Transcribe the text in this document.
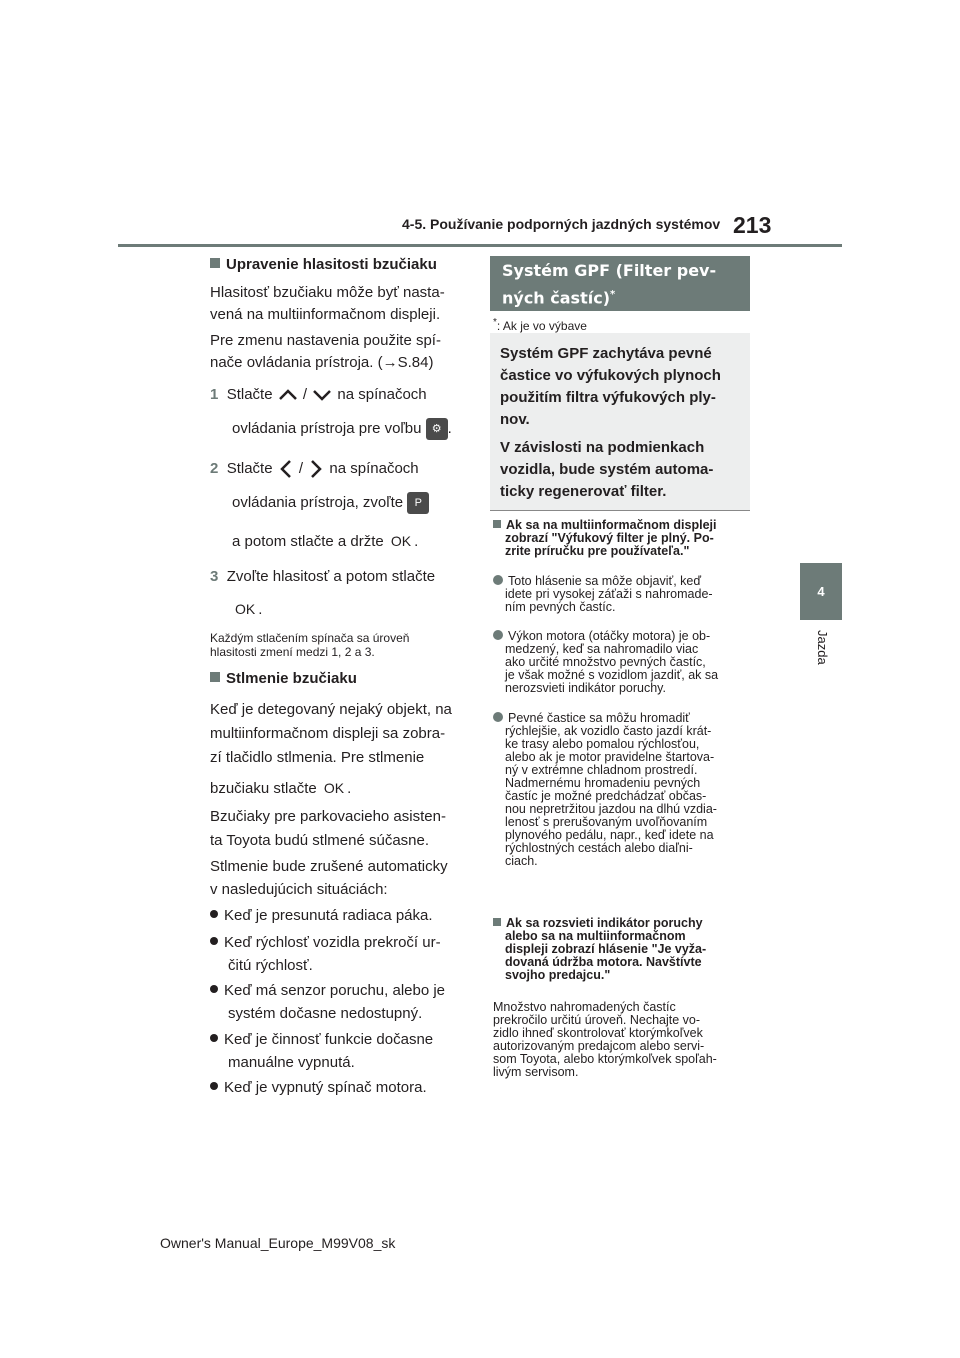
4-5. Používanie podporných jazdných systémov 213
4
Jazda
Upravenie hlasitosti bzučiaku
Hlasitosť bzučiaku môže byť nasta-
vená na multiinformačnom displeji.
Pre zmenu nastavenia použite spí-
nače ovládania prístroja. (→S.84)
1 Stlačte / na spínačoch
ovládania prístroja pre voľbu ⚙ .
2 Stlačte / na spínačoch
ovládania prístroja, zvoľte P
a potom stlačte a držte OK .
3 Zvoľte hlasitosť a potom stlačte
OK .
Každým stlačením spínača sa úroveň
hlasitosti zmení medzi 1, 2 a 3.
Stlmenie bzučiaku
Keď je detegovaný nejaký objekt, na
multiinformačnom displeji sa zobra-
zí tlačidlo stlmenia. Pre stlmenie
bzučiaku stlačte OK .
Bzučiaky pre parkovacieho asisten-
ta Toyota budú stlmené súčasne.
Stlmenie bude zrušené automaticky
v nasledujúcich situáciách:
Keď je presunutá radiaca páka.
Keď rýchlosť vozidla prekročí ur-
čitú rýchlosť.
Keď má senzor poruchu, alebo je
systém dočasne nedostupný.
Keď je činnosť funkcie dočasne
manuálne vypnutá.
Keď je vypnutý spínač motora.
Systém GPF (Filter pev-
ných častíc)*
*: Ak je vo výbave
Systém GPF zachytáva pevné
častice vo výfukových plynoch
použitím filtra výfukových ply-
nov.
V závislosti na podmienkach
vozidla, bude systém automa-
ticky regenerovať filter.
Ak sa na multiinformačnom displeji
zobrazí "Výfukový filter je plný. Po-
zrite príručku pre používateľa."
Toto hlásenie sa môže objaviť, keď
idete pri vysokej záťaži s nahromade-
ním pevných častíc.
Výkon motora (otáčky motora) je ob-
medzený, keď sa nahromadilo viac
ako určité množstvo pevných častíc,
je však možné s vozidlom jazdiť, ak sa
nerozsvieti indikátor poruchy.
Pevné častice sa môžu hromadiť
rýchlejšie, ak vozidlo často jazdí krát-
ke trasy alebo pomalou rýchlosťou,
alebo ak je motor pravidelne štartova-
ný v extrémne chladnom prostredí.
Nadmernému hromadeniu pevných
častíc je možné predchádzať občas-
nou nepretržitou jazdou na dlhú vzdia-
lenosť s prerušovaným uvoľňovaním
plynového pedálu, napr., keď idete na
rýchlostných cestách alebo diaľni-
ciach.
Ak sa rozsvieti indikátor poruchy
alebo sa na multiinformačnom
displeji zobrazí hlásenie "Je vyža-
dovaná údržba motora. Navštívte
svojho predajcu."
Množstvo nahromadených častíc
prekročilo určitú úroveň. Nechajte vo-
zidlo ihneď skontrolovať ktorýmkoľvek
autorizovaným predajcom alebo servi-
som Toyota, alebo ktorýmkoľvek spoľah-
livým servisom.
Owner's Manual_Europe_M99V08_sk
